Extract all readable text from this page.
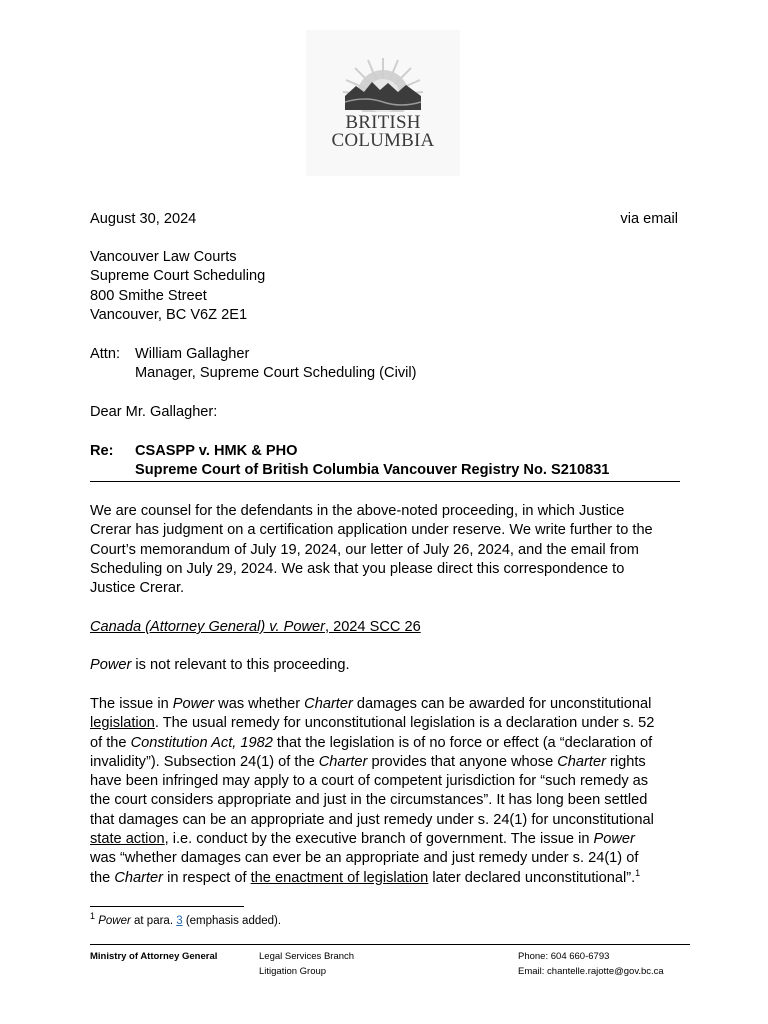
BRITISH
COLUMBIA
August 30, 2024	via email
Vancouver Law Courts
Supreme Court Scheduling
800 Smithe Street
Vancouver, BC V6Z 2E1
Attn: William Gallagher
Manager, Supreme Court Scheduling (Civil)
Dear Mr. Gallagher:
Re: CSASPP v. HMK & PHO
Supreme Court of British Columbia Vancouver Registry No. S210831
We are counsel for the defendants in the above-noted proceeding, in which Justice
Crerar has judgment on a certification application under reserve. We write further to the
Court’s memorandum of July 19, 2024, our letter of July 26, 2024, and the email from
Scheduling on July 29, 2024. We ask that you please direct this correspondence to
Justice Crerar.
Canada (Attorney General) v. Power, 2024 SCC 26
Power is not relevant to this proceeding.
The issue in Power was whether Charter damages can be awarded for unconstitutional
legislation. The usual remedy for unconstitutional legislation is a declaration under s. 52
of the Constitution Act, 1982 that the legislation is of no force or effect (a “declaration of
invalidity”). Subsection 24(1) of the Charter provides that anyone whose Charter rights
have been infringed may apply to a court of competent jurisdiction for “such remedy as
the court considers appropriate and just in the circumstances”. It has long been settled
that damages can be an appropriate and just remedy under s. 24(1) for unconstitutional
state action, i.e. conduct by the executive branch of government. The issue in Power
was “whether damages can ever be an appropriate and just remedy under s. 24(1) of
the Charter in respect of the enactment of legislation later declared unconstitutional”.$^1$
$^1$ Power at para. 3 (emphasis added).
Ministry of Attorney General	Legal Services Branch
Litigation Group
Phone: 604 660-6793
Email: chantelle.rajotte@gov.bc.ca
